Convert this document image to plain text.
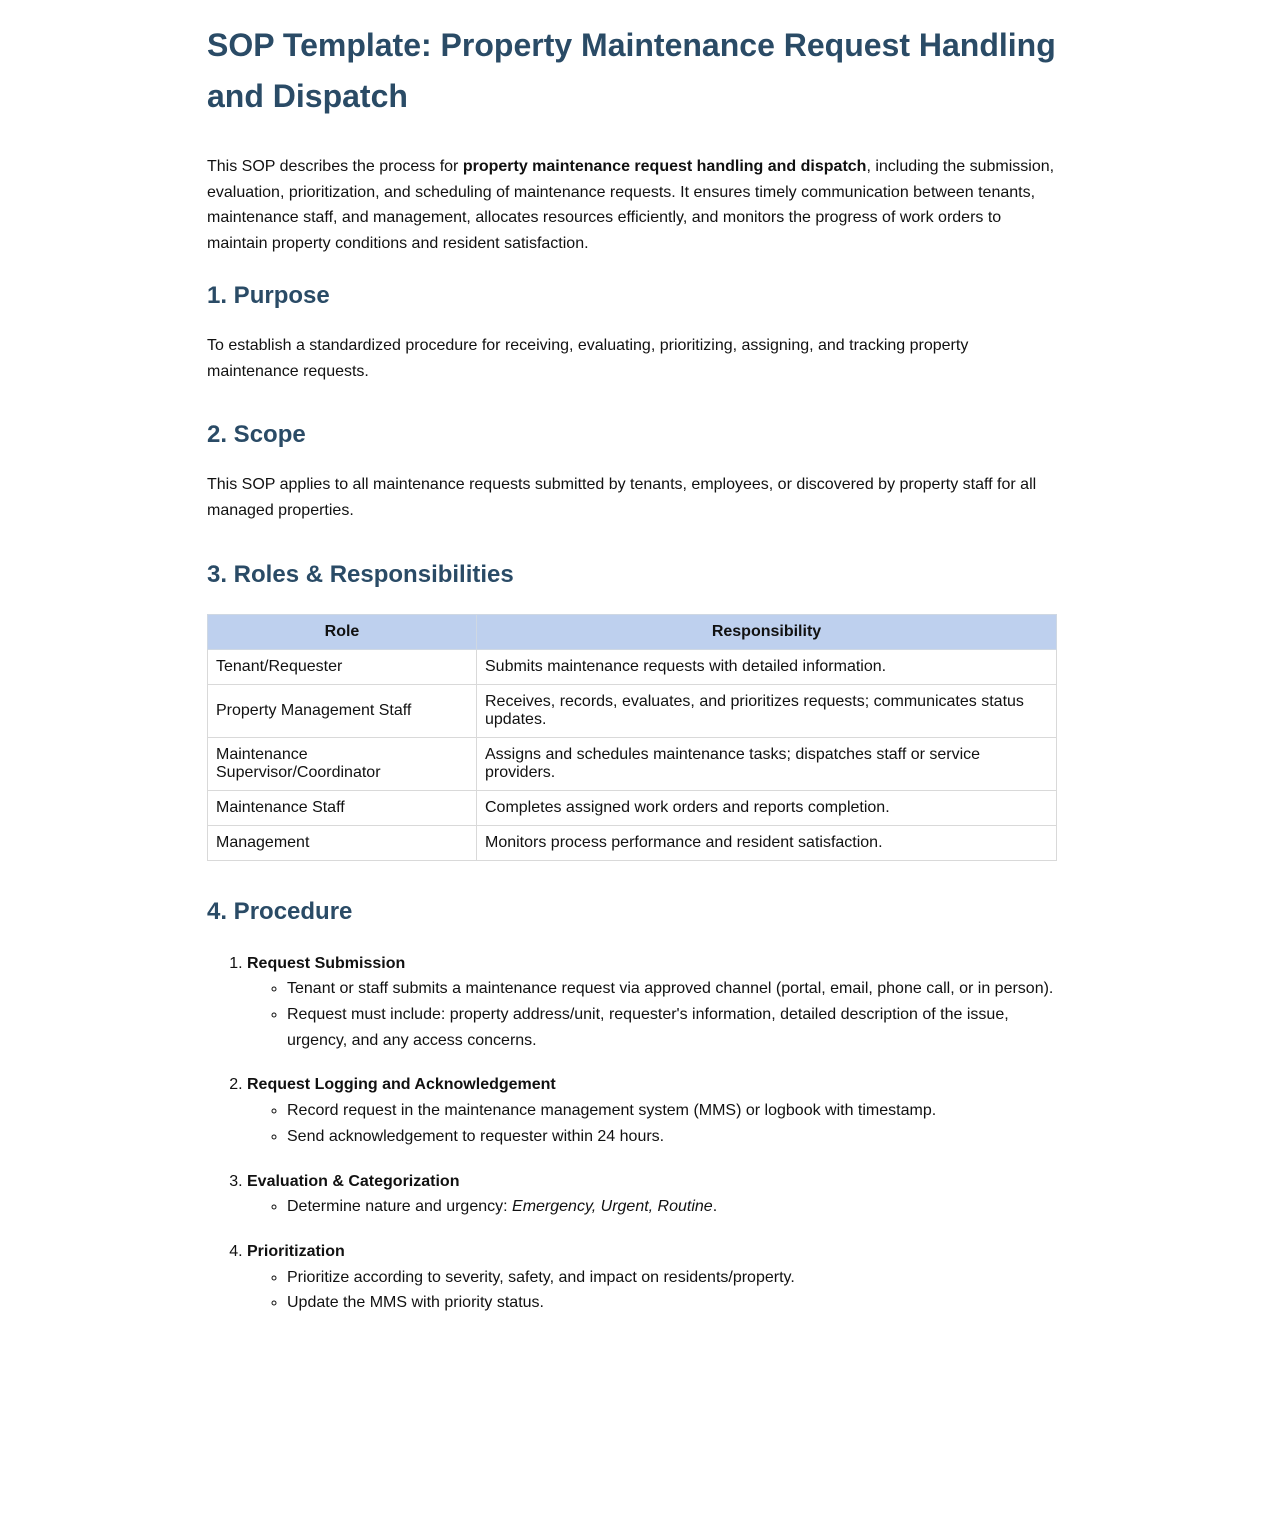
SOP Template: Property Maintenance Request Handling and Dispatch

This SOP describes the process for property maintenance request handling and dispatch, including the submission, evaluation, prioritization, and scheduling of maintenance requests. It ensures timely communication between tenants, maintenance staff, and management, allocates resources efficiently, and monitors the progress of work orders to maintain property conditions and resident satisfaction.

1. Purpose

To establish a standardized procedure for receiving, evaluating, prioritizing, assigning, and tracking property maintenance requests.

2. Scope

This SOP applies to all maintenance requests submitted by tenants, employees, or discovered by property staff for all managed properties.

3. Roles & Responsibilities
Role	Responsibility
Tenant/Requester	Submits maintenance requests with detailed information.
Property Management Staff	Receives, records, evaluates, and prioritizes requests; communicates status updates.
Maintenance Supervisor/Coordinator	Assigns and schedules maintenance tasks; dispatches staff or service providers.
Maintenance Staff	Completes assigned work orders and reports completion.
Management	Monitors process performance and resident satisfaction.
4. Procedure
1. Request Submission
◦ Tenant or staff submits a maintenance request via approved channel (portal, email, phone call, or in person).
◦ Request must include: property address/unit, requester's information, detailed description of the issue, urgency, and any access concerns.
2. Request Logging and Acknowledgement
◦ Record request in the maintenance management system (MMS) or logbook with timestamp.
◦ Send acknowledgement to requester within 24 hours.
3. Evaluation & Categorization
◦ Determine nature and urgency: Emergency, Urgent, Routine.
4. Prioritization
◦ Prioritize according to severity, safety, and impact on residents/property.
◦ Update the MMS with priority status.
